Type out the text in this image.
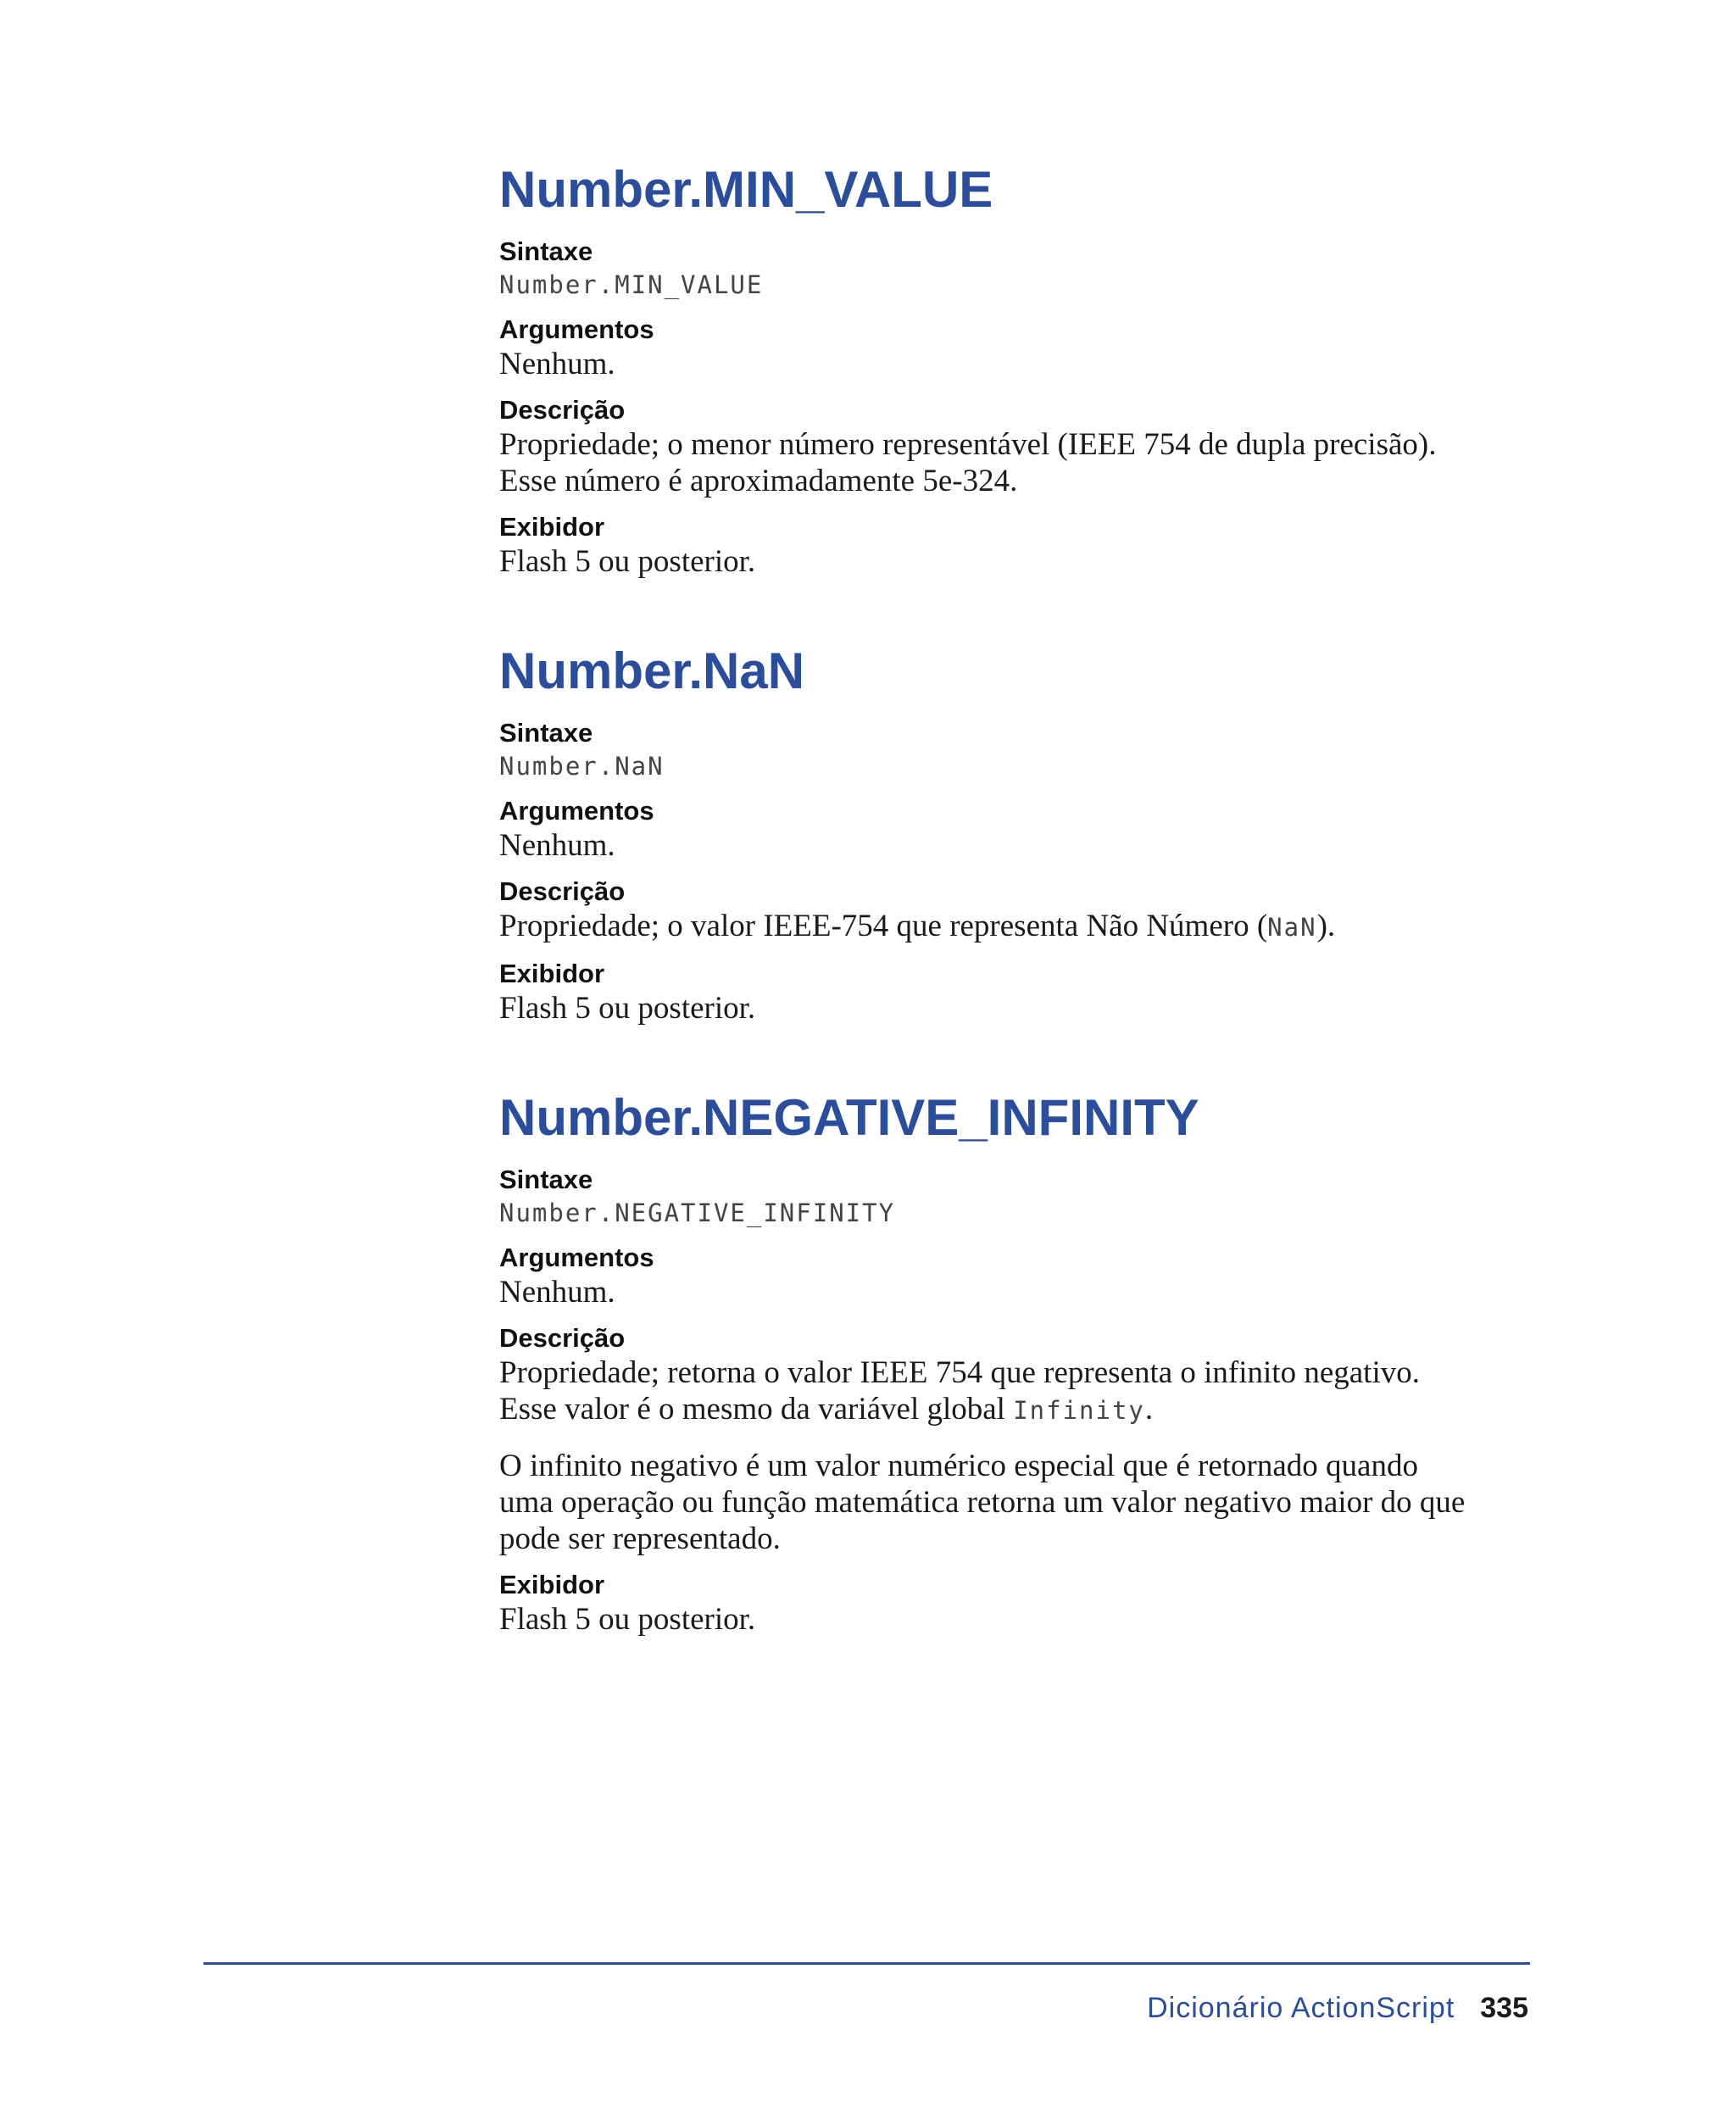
Number.MIN_VALUE
Sintaxe
Number.MIN_VALUE
Argumentos

Nenhum.

Descrição

Propriedade; o menor número representável (IEEE 754 de dupla precisão).
Esse número é aproximadamente 5e-324.

Exibidor

Flash 5 ou posterior.

Number.NaN
Sintaxe
Number.NaN
Argumentos

Nenhum.

Descrição

Propriedade; o valor IEEE-754 que representa Não Número (NaN).

Exibidor

Flash 5 ou posterior.

Number.NEGATIVE_INFINITY
Sintaxe
Number.NEGATIVE_INFINITY
Argumentos

Nenhum.

Descrição

Propriedade; retorna o valor IEEE 754 que representa o infinito negativo.
Esse valor é o mesmo da variável global Infinity.

O infinito negativo é um valor numérico especial que é retornado quando
uma operação ou função matemática retorna um valor negativo maior do que
pode ser representado.

Exibidor

Flash 5 ou posterior.

Dicionário ActionScript 335
